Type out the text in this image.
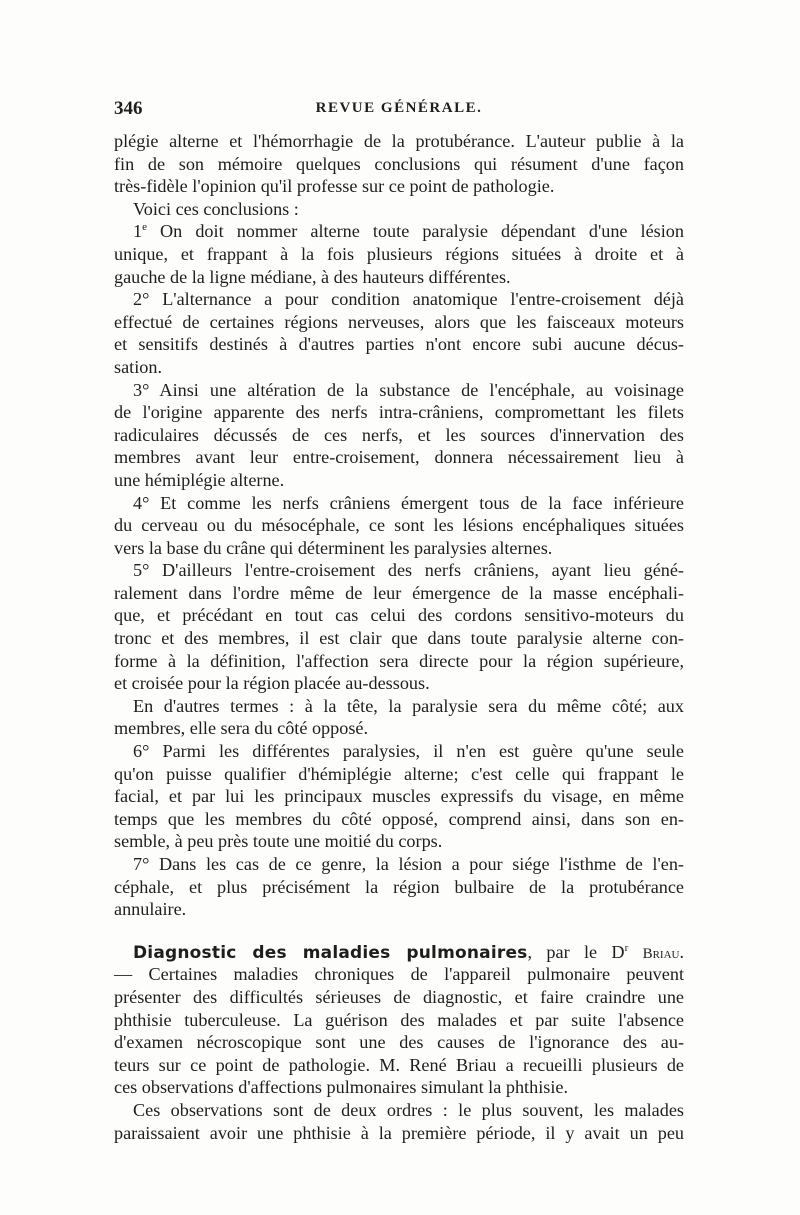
346	REVUE GÉNÉRALE.
plégie alterne et l'hémorrhagie de la protubérance. L'auteur publie à la
fin de son mémoire quelques conclusions qui résument d'une façon
très-fidèle l'opinion qu'il professe sur ce point de pathologie.
Voici ces conclusions :
1e On doit nommer alterne toute paralysie dépendant d'une lésion
unique, et frappant à la fois plusieurs régions situées à droite et à
gauche de la ligne médiane, à des hauteurs différentes.
2° L'alternance a pour condition anatomique l'entre-croisement déjà
effectué de certaines régions nerveuses, alors que les faisceaux moteurs
et sensitifs destinés à d'autres parties n'ont encore subi aucune décus-
sation.
3° Ainsi une altération de la substance de l'encéphale, au voisinage
de l'origine apparente des nerfs intra-crâniens, compromettant les filets
radiculaires décussés de ces nerfs, et les sources d'innervation des
membres avant leur entre-croisement, donnera nécessairement lieu à
une hémiplégie alterne.
4° Et comme les nerfs crâniens émergent tous de la face inférieure
du cerveau ou du mésocéphale, ce sont les lésions encéphaliques situées
vers la base du crâne qui déterminent les paralysies alternes.
5° D'ailleurs l'entre-croisement des nerfs crâniens, ayant lieu géné-
ralement dans l'ordre même de leur émergence de la masse encéphali-
que, et précédant en tout cas celui des cordons sensitivo-moteurs du
tronc et des membres, il est clair que dans toute paralysie alterne con-
forme à la définition, l'affection sera directe pour la région supérieure,
et croisée pour la région placée au-dessous.
En d'autres termes : à la tête, la paralysie sera du même côté; aux
membres, elle sera du côté opposé.
6° Parmi les différentes paralysies, il n'en est guère qu'une seule
qu'on puisse qualifier d'hémiplégie alterne; c'est celle qui frappant le
facial, et par lui les principaux muscles expressifs du visage, en même
temps que les membres du côté opposé, comprend ainsi, dans son en-
semble, à peu près toute une moitié du corps.
7° Dans les cas de ce genre, la lésion a pour siége l'isthme de l'en-
céphale, et plus précisément la région bulbaire de la protubérance
annulaire.
Diagnostic des maladies pulmonaires, par le $D^r$ Briau.
— Certaines maladies chroniques de l'appareil pulmonaire peuvent
présenter des difficultés sérieuses de diagnostic, et faire craindre une
phthisie tuberculeuse. La guérison des malades et par suite l'absence
d'examen nécroscopique sont une des causes de l'ignorance des au-
teurs sur ce point de pathologie. M. René Briau a recueilli plusieurs de
ces observations d'affections pulmonaires simulant la phthisie.
Ces observations sont de deux ordres : le plus souvent, les malades
paraissaient avoir une phthisie à la première période, il y avait un peu
